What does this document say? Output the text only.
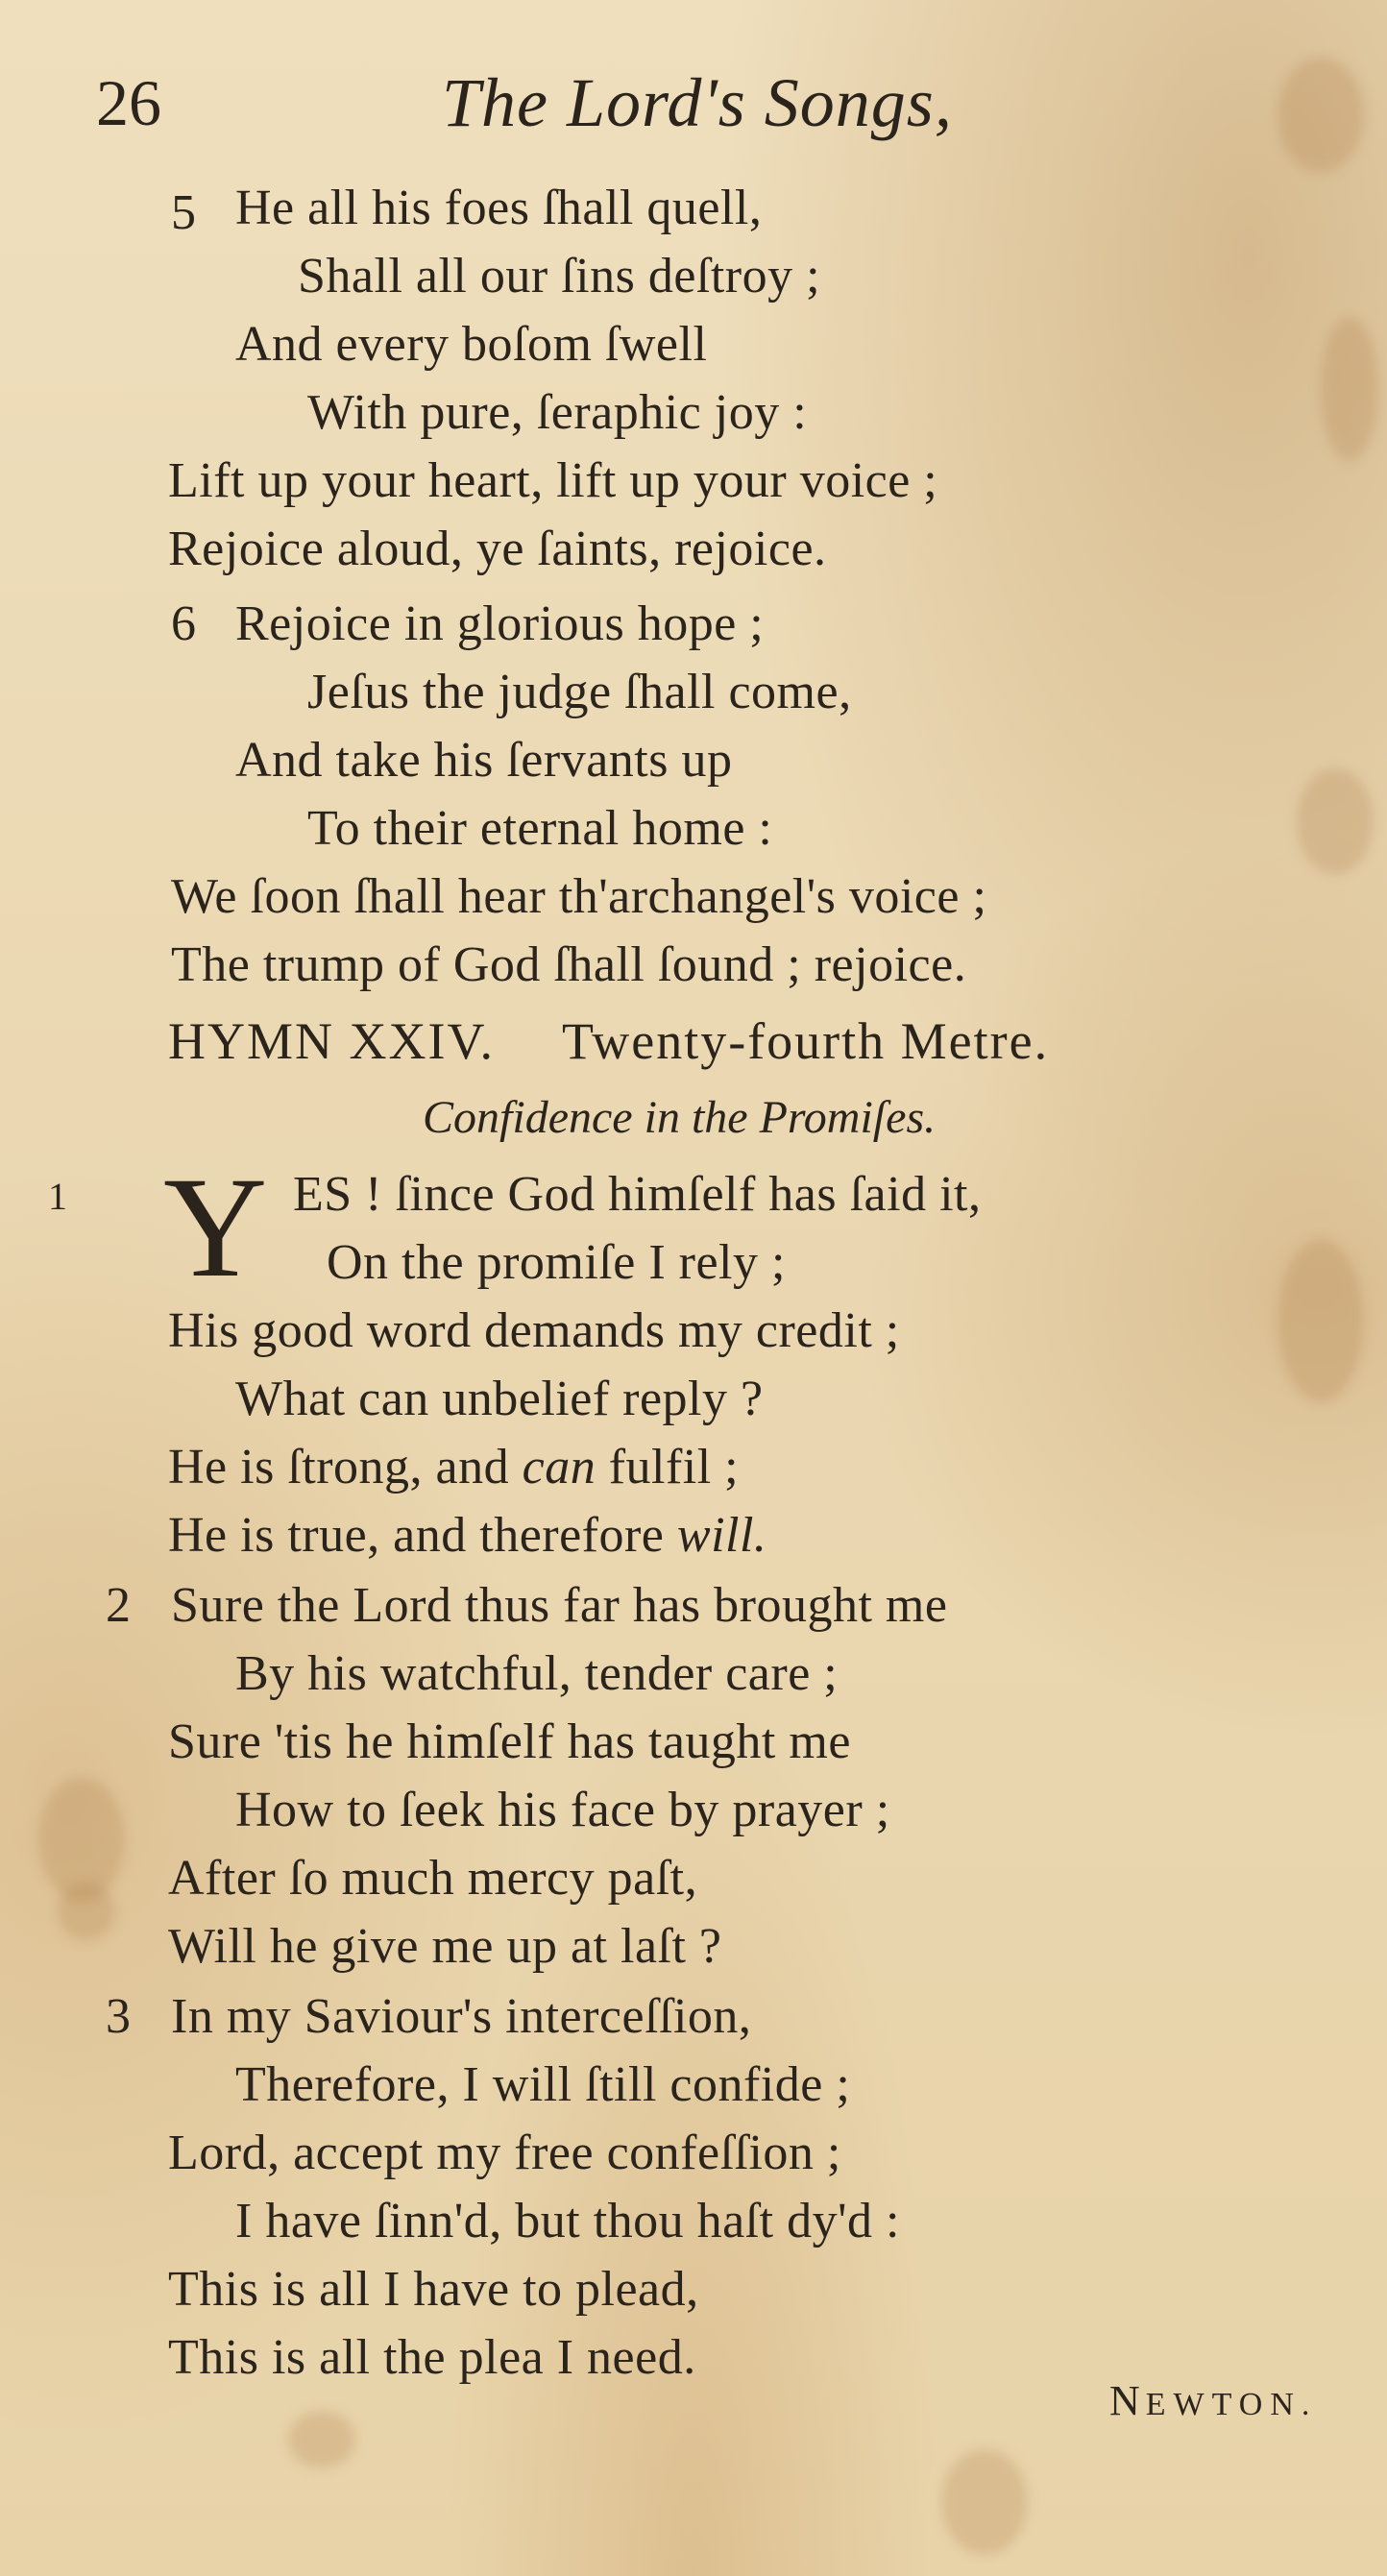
26	The Lord's Songs,
5 He all his foes ſhall quell,
Shall all our ſins deſtroy ;
And every boſom ſwell
With pure, ſeraphic joy :
Lift up your heart, lift up your voice ;
Rejoice aloud, ye ſaints, rejoice.
6 Rejoice in glorious hope ;
Jeſus the judge ſhall come,
And take his ſervants up
To their eternal home :
We ſoon ſhall hear th'archangel's voice ;
The trump of God ſhall ſound ; rejoice.
HYMN XXIV. Twenty-fourth Metre.
Confidence in the Promiſes.
1 Y ES ! ſince God himſelf has ſaid it,
On the promiſe I rely ;
His good word demands my credit ;
What can unbelief reply ?
He is ſtrong, and can fulfil ;
He is true, and therefore will.
2 Sure the Lord thus far has brought me
By his watchful, tender care ;
Sure 'tis he himſelf has taught me
How to ſeek his face by prayer ;
After ſo much mercy paſt,
Will he give me up at laſt ?
3 In my Saviour's interceſſion,
Therefore, I will ſtill confide ;
Lord, accept my free confeſſion ;
I have ſinn'd, but thou haſt dy'd :
This is all I have to plead,
This is all the plea I need.
NEWTON.
